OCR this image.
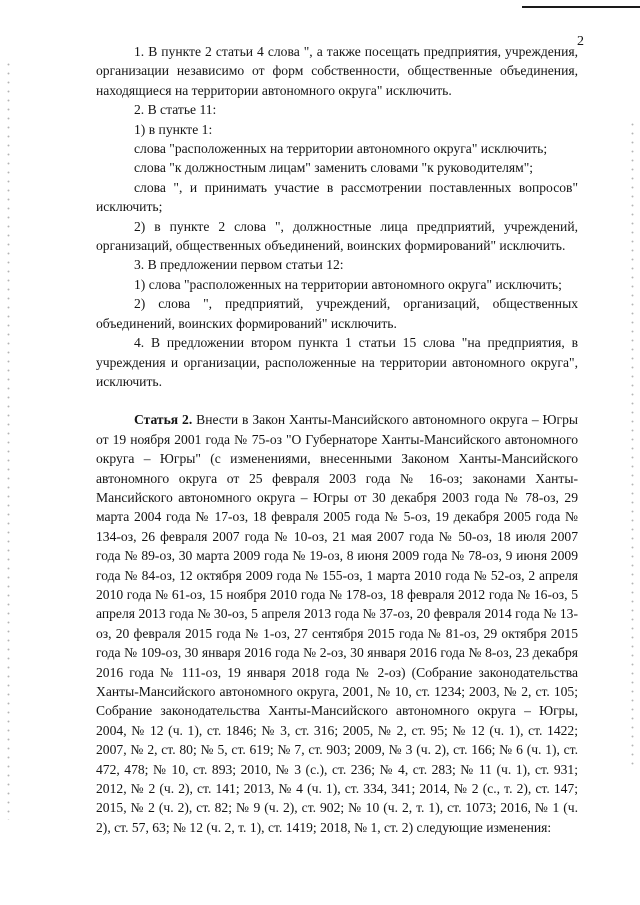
2

1. В пункте 2 статьи 4 слова ", а также посещать предприятия, учреждения, организации независимо от форм собственности, общественные объединения, находящиеся на территории автономного округа" исключить.

2. В статье 11:

1) в пункте 1:

слова "расположенных на территории автономного округа" исключить;

слова "к должностным лицам" заменить словами "к руководителям";

слова ", и принимать участие в рассмотрении поставленных вопросов" исключить;

2) в пункте 2 слова ", должностные лица предприятий, учреждений, организаций, общественных объединений, воинских формирований" исключить.

3. В предложении первом статьи 12:

1) слова "расположенных на территории автономного округа" исключить;

2) слова ", предприятий, учреждений, организаций, общественных объединений, воинских формирований" исключить.

4. В предложении втором пункта 1 статьи 15 слова "на предприятия, в учреждения и организации, расположенные на территории автономного округа", исключить.

Статья 2. Внести в Закон Ханты-Мансийского автономного округа – Югры от 19 ноября 2001 года № 75-оз "О Губернаторе Ханты-Мансийского автономного округа – Югры" (с изменениями, внесенными Законом Ханты-Мансийского автономного округа от 25 февраля 2003 года № 16-оз; законами Ханты-Мансийского автономного округа – Югры от 30 декабря 2003 года № 78-оз, 29 марта 2004 года № 17-оз, 18 февраля 2005 года № 5-оз, 19 декабря 2005 года № 134-оз, 26 февраля 2007 года № 10-оз, 21 мая 2007 года № 50-оз, 18 июля 2007 года № 89-оз, 30 марта 2009 года № 19-оз, 8 июня 2009 года № 78-оз, 9 июня 2009 года № 84-оз, 12 октября 2009 года № 155-оз, 1 марта 2010 года № 52-оз, 2 апреля 2010 года № 61-оз, 15 ноября 2010 года № 178-оз, 18 февраля 2012 года № 16-оз, 5 апреля 2013 года № 30-оз, 5 апреля 2013 года № 37-оз, 20 февраля 2014 года № 13-оз, 20 февраля 2015 года № 1-оз, 27 сентября 2015 года № 81-оз, 29 октября 2015 года № 109-оз, 30 января 2016 года № 2-оз, 30 января 2016 года № 8-оз, 23 декабря 2016 года № 111-оз, 19 января 2018 года № 2-оз) (Собрание законодательства Ханты-Мансийского автономного округа, 2001, № 10, ст. 1234; 2003, № 2, ст. 105; Собрание законодательства Ханты-Мансийского автономного округа – Югры, 2004, № 12 (ч. 1), ст. 1846; № 3, ст. 316; 2005, № 2, ст. 95; № 12 (ч. 1), ст. 1422; 2007, № 2, ст. 80; № 5, ст. 619; № 7, ст. 903; 2009, № 3 (ч. 2), ст. 166; № 6 (ч. 1), ст. 472, 478; № 10, ст. 893; 2010, № 3 (с.), ст. 236; № 4, ст. 283; № 11 (ч. 1), ст. 931; 2012, № 2 (ч. 2), ст. 141; 2013, № 4 (ч. 1), ст. 334, 341; 2014, № 2 (с., т. 2), ст. 147; 2015, № 2 (ч. 2), ст. 82; № 9 (ч. 2), ст. 902; № 10 (ч. 2, т. 1), ст. 1073; 2016, № 1 (ч. 2), ст. 57, 63; № 12 (ч. 2, т. 1), ст. 1419; 2018, № 1, ст. 2) следующие изменения:
